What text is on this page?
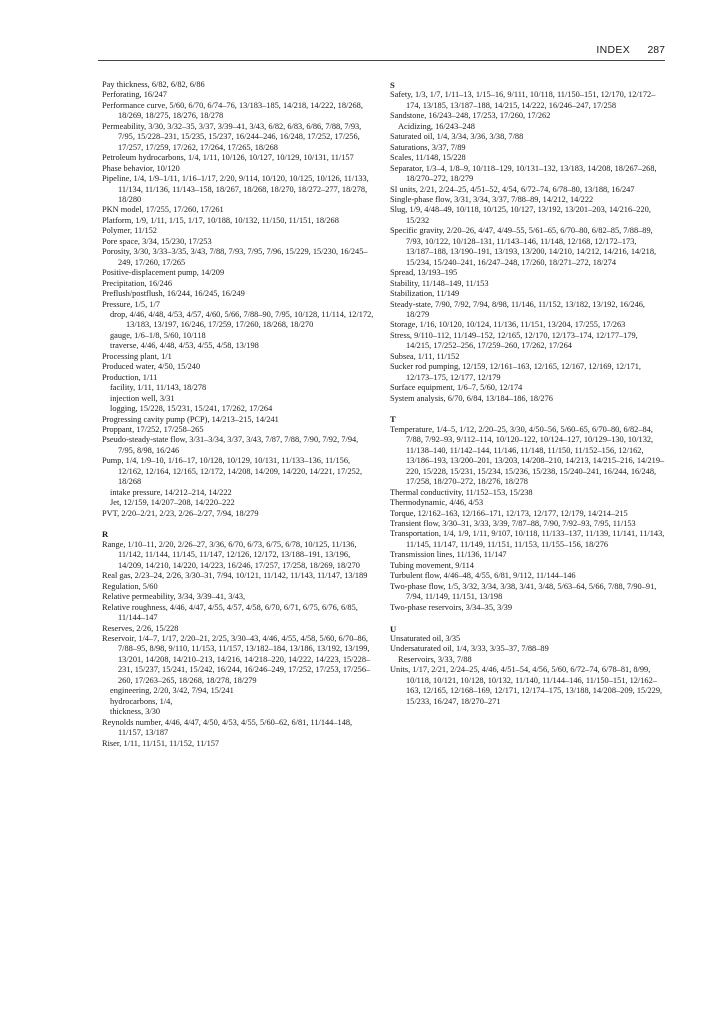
INDEX 287

Pay thickness, 6/82, 6/82, 6/86

Perforating, 16/247

Performance curve, 5/60, 6/70, 6/74–76, 13/183–185, 14/218, 14/222, 18/268, 18/269, 18/275, 18/276, 18/278

Permeability, 3/30, 3/32–35, 3/37, 3/39–41, 3/43, 6/82, 6/83, 6/86, 7/88, 7/93, 7/95, 15/228–231, 15/235, 15/237, 16/244–246, 16/248, 17/252, 17/256, 17/257, 17/259, 17/262, 17/264, 17/265, 18/268

Petroleum hydrocarbons, 1/4, 1/11, 10/126, 10/127, 10/129, 10/131, 11/157

Phase behavior, 10/120

Pipeline, 1/4, 1/9–1/11, 1/16–1/17, 2/20, 9/114, 10/120, 10/125, 10/126, 11/133, 11/134, 11/136, 11/143–158, 18/267, 18/268, 18/270, 18/272–277, 18/278, 18/280

PKN model, 17/255, 17/260, 17/261

Platform, 1/9, 1/11, 1/15, 1/17, 10/188, 10/132, 11/150, 11/151, 18/268

Polymer, 11/152

Pore space, 3/34, 15/230, 17/253

Porosity, 3/30, 3/33–3/35, 3/43, 7/88, 7/93, 7/95, 7/96, 15/229, 15/230, 16/245–249, 17/260, 17/265

Positive-displacement pump, 14/209

Precipitation, 16/246

Preflush/postflush, 16/244, 16/245, 16/249

Pressure, 1/5, 1/7

drop, 4/46, 4/48, 4/53, 4/57, 4/60, 5/66, 7/88–90, 7/95, 10/128, 11/114, 12/172, 13/183, 13/197, 16/246, 17/259, 17/260, 18/268, 18/270

gauge, 1/6–1/8, 5/60, 10/118

traverse, 4/46, 4/48, 4/53, 4/55, 4/58, 13/198

Processing plant, 1/1

Produced water, 4/50, 15/240

Production, 1/11

facility, 1/11, 11/143, 18/278

injection well, 3/31

logging, 15/228, 15/231, 15/241, 17/262, 17/264

Progressing cavity pump (PCP), 14/213–215, 14/241

Proppant, 17/252, 17/258–265

Pseudo-steady-state flow, 3/31–3/34, 3/37, 3/43, 7/87, 7/88, 7/90, 7/92, 7/94, 7/95, 8/98, 16/246

Pump, 1/4, 1/9–10, 1/16–17, 10/128, 10/129, 10/131, 11/133–136, 11/156, 12/162, 12/164, 12/165, 12/172, 14/208, 14/209, 14/220, 14/221, 17/252, 18/268

intake pressure, 14/212–214, 14/222

Jet, 12/159, 14/207–208, 14/220–222

PVT, 2/20–2/21, 2/23, 2/26–2/27, 7/94, 18/279

R

Range, 1/10–11, 2/20, 2/26–27, 3/36, 6/70, 6/73, 6/75, 6/78, 10/125, 11/136, 11/142, 11/144, 11/145, 11/147, 12/126, 12/172, 13/188–191, 13/196, 14/209, 14/210, 14/220, 14/223, 16/246, 17/257, 17/258, 18/269, 18/270

Real gas, 2/23–24, 2/26, 3/30–31, 7/94, 10/121, 11/142, 11/143, 11/147, 13/189

Regulation, 5/60

Relative permeability, 3/34, 3/39–41, 3/43,

Relative roughness, 4/46, 4/47, 4/55, 4/57, 4/58, 6/70, 6/71, 6/75, 6/76, 6/85, 11/144–147

Reserves, 2/26, 15/228

Reservoir, 1/4–7, 1/17, 2/20–21, 2/25, 3/30–43, 4/46, 4/55, 4/58, 5/60, 6/70–86, 7/88–95, 8/98, 9/110, 11/153, 11/157, 13/182–184, 13/186, 13/192, 13/199, 13/201, 14/208, 14/210–213, 14/216, 14/218–220, 14/222, 14/223, 15/228–231, 15/237, 15/241, 15/242, 16/244, 16/246–249, 17/252, 17/253, 17/256–260, 17/263–265, 18/268, 18/278, 18/279

engineering, 2/20, 3/42, 7/94, 15/241

hydrocarbons, 1/4,

thickness, 3/30

Reynolds number, 4/46, 4/47, 4/50, 4/53, 4/55, 5/60–62, 6/81, 11/144–148, 11/157, 13/187

Riser, 1/11, 11/151, 11/152, 11/157

S

Safety, 1/3, 1/7, 1/11–13, 1/15–16, 9/111, 10/118, 11/150–151, 12/170, 12/172–174, 13/185, 13/187–188, 14/215, 14/222, 16/246–247, 17/258

Sandstone, 16/243–248, 17/253, 17/260, 17/262

Acidizing, 16/243–248

Saturated oil, 1/4, 3/34, 3/36, 3/38, 7/88

Saturations, 3/37, 7/89

Scales, 11/148, 15/228

Separator, 1/3–4, 1/8–9, 10/118–129, 10/131–132, 13/183, 14/208, 18/267–268, 18/270–272, 18/279

SI units, 2/21, 2/24–25, 4/51–52, 4/54, 6/72–74, 6/78–80, 13/188, 16/247

Single-phase flow, 3/31, 3/34, 3/37, 7/88–89, 14/212, 14/222

Slug, 1/9, 4/48–49, 10/118, 10/125, 10/127, 13/192, 13/201–203, 14/216–220, 15/232

Specific gravity, 2/20–26, 4/47, 4/49–55, 5/61–65, 6/70–80, 6/82–85, 7/88–89, 7/93, 10/122, 10/128–131, 11/143–146, 11/148, 12/168, 12/172–173, 13/187–188, 13/190–191, 13/193, 13/200, 14/210, 14/212, 14/216, 14/218, 15/234, 15/240–241, 16/247–248, 17/260, 18/271–272, 18/274

Spread, 13/193–195

Stability, 11/148–149, 11/153

Stabilization, 11/149

Steady-state, 7/90, 7/92, 7/94, 8/98, 11/146, 11/152, 13/182, 13/192, 16/246, 18/279

Storage, 1/16, 10/120, 10/124, 11/136, 11/151, 13/204, 17/255, 17/263

Stress, 9/110–112, 11/149–152, 12/165, 12/170, 12/173–174, 12/177–179, 14/215, 17/252–256, 17/259–260, 17/262, 17/264

Subsea, 1/11, 11/152

Sucker rod pumping, 12/159, 12/161–163, 12/165, 12/167, 12/169, 12/171, 12/173–175, 12/177, 12/179

Surface equipment, 1/6–7, 5/60, 12/174

System analysis, 6/70, 6/84, 13/184–186, 18/276

T

Temperature, 1/4–5, 1/12, 2/20–25, 3/30, 4/50–56, 5/60–65, 6/70–80, 6/82–84, 7/88, 7/92–93, 9/112–114, 10/120–122, 10/124–127, 10/129–130, 10/132, 11/138–140, 11/142–144, 11/146, 11/148, 11/150, 11/152–156, 12/162, 13/186–193, 13/200–201, 13/203, 14/208–210, 14/213, 14/215–216, 14/219–220, 15/228, 15/231, 15/234, 15/236, 15/238, 15/240–241, 16/244, 16/248, 17/258, 18/270–272, 18/276, 18/278

Thermal conductivity, 11/152–153, 15/238

Thermodynamic, 4/46, 4/53

Torque, 12/162–163, 12/166–171, 12/173, 12/177, 12/179, 14/214–215

Transient flow, 3/30–31, 3/33, 3/39, 7/87–88, 7/90, 7/92–93, 7/95, 11/153

Transportation, 1/4, 1/9, 1/11, 9/107, 10/118, 11/133–137, 11/139, 11/141, 11/143, 11/145, 11/147, 11/149, 11/151, 11/153, 11/155–156, 18/276

Transmission lines, 11/136, 11/147

Tubing movement, 9/114

Turbulent flow, 4/46–48, 4/55, 6/81, 9/112, 11/144–146

Two-phase flow, 1/5, 3/32, 3/34, 3/38, 3/41, 3/48, 5/63–64, 5/66, 7/88, 7/90–91, 7/94, 11/149, 11/151, 13/198

Two-phase reservoirs, 3/34–35, 3/39

U

Unsaturated oil, 3/35

Undersaturated oil, 1/4, 3/33, 3/35–37, 7/88–89

Reservoirs, 3/33, 7/88

Units, 1/17, 2/21, 2/24–25, 4/46, 4/51–54, 4/56, 5/60, 6/72–74, 6/78–81, 8/99, 10/118, 10/121, 10/128, 10/132, 11/140, 11/144–146, 11/150–151, 12/162–163, 12/165, 12/168–169, 12/171, 12/174–175, 13/188, 14/208–209, 15/229, 15/233, 16/247, 18/270–271
